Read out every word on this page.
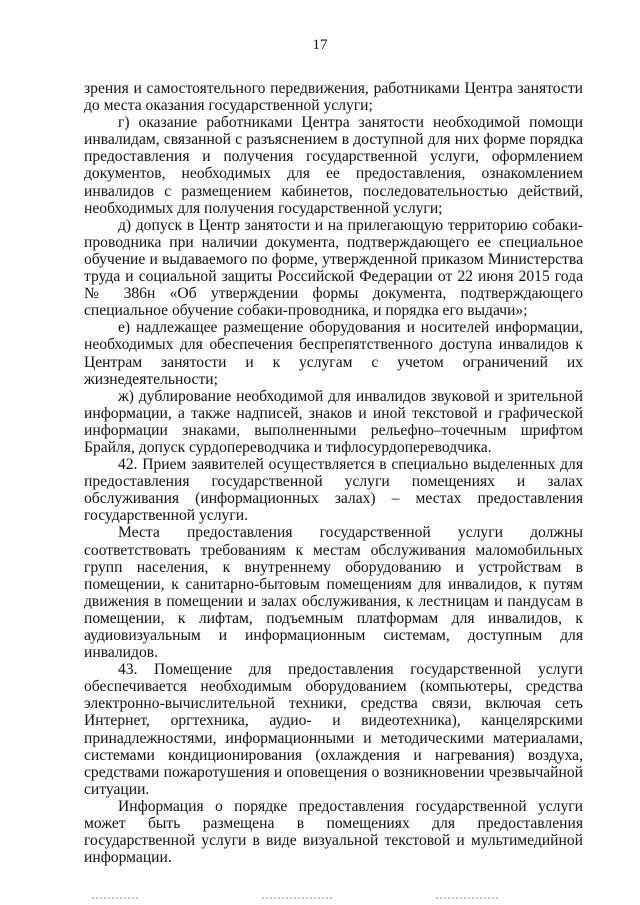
17

зрения и самостоятельного передвижения, работниками Центра занятости до места оказания государственной услуги;

г) оказание работниками Центра занятости необходимой помощи инвалидам, связанной с разъяснением в доступной для них форме порядка предоставления и получения государственной услуги, оформлением документов, необходимых для ее предоставления, ознакомлением инвалидов с размещением кабинетов, последовательностью действий, необходимых для получения государственной услуги;

д) допуск в Центр занятости и на прилегающую территорию собаки-проводника при наличии документа, подтверждающего ее специальное обучение и выдаваемого по форме, утвержденной приказом Министерства труда и социальной защиты Российской Федерации от 22 июня 2015 года № 386н «Об утверждении формы документа, подтверждающего специальное обучение собаки-проводника, и порядка его выдачи»;

е) надлежащее размещение оборудования и носителей информации, необходимых для обеспечения беспрепятственного доступа инвалидов к Центрам занятости и к услугам с учетом ограничений их жизнедеятельности;

ж) дублирование необходимой для инвалидов звуковой и зрительной информации, а также надписей, знаков и иной текстовой и графической информации знаками, выполненными рельефно–точечным шрифтом Брайля, допуск сурдопереводчика и тифлосурдопереводчика.

42. Прием заявителей осуществляется в специально выделенных для предоставления государственной услуги помещениях и залах обслуживания (информационных залах) – местах предоставления государственной услуги.

Места предоставления государственной услуги должны соответствовать требованиям к местам обслуживания маломобильных групп населения, к внутреннему оборудованию и устройствам в помещении, к санитарно-бытовым помещениям для инвалидов, к путям движения в помещении и залах обслуживания, к лестницам и пандусам в помещении, к лифтам, подъемным платформам для инвалидов, к аудиовизуальным и информационным системам, доступным для инвалидов.

43. Помещение для предоставления государственной услуги обеспечивается необходимым оборудованием (компьютеры, средства электронно-вычислительной техники, средства связи, включая сеть Интернет, оргтехника, аудио- и видеотехника), канцелярскими принадлежностями, информационными и методическими материалами, системами кондиционирования (охлаждения и нагревания) воздуха, средствами пожаротушения и оповещения о возникновении чрезвычайной ситуации.

Информация о порядке предоставления государственной услуги может быть размещена в помещениях для предоставления государственной услуги в виде визуальной текстовой и мультимедийной информации.
